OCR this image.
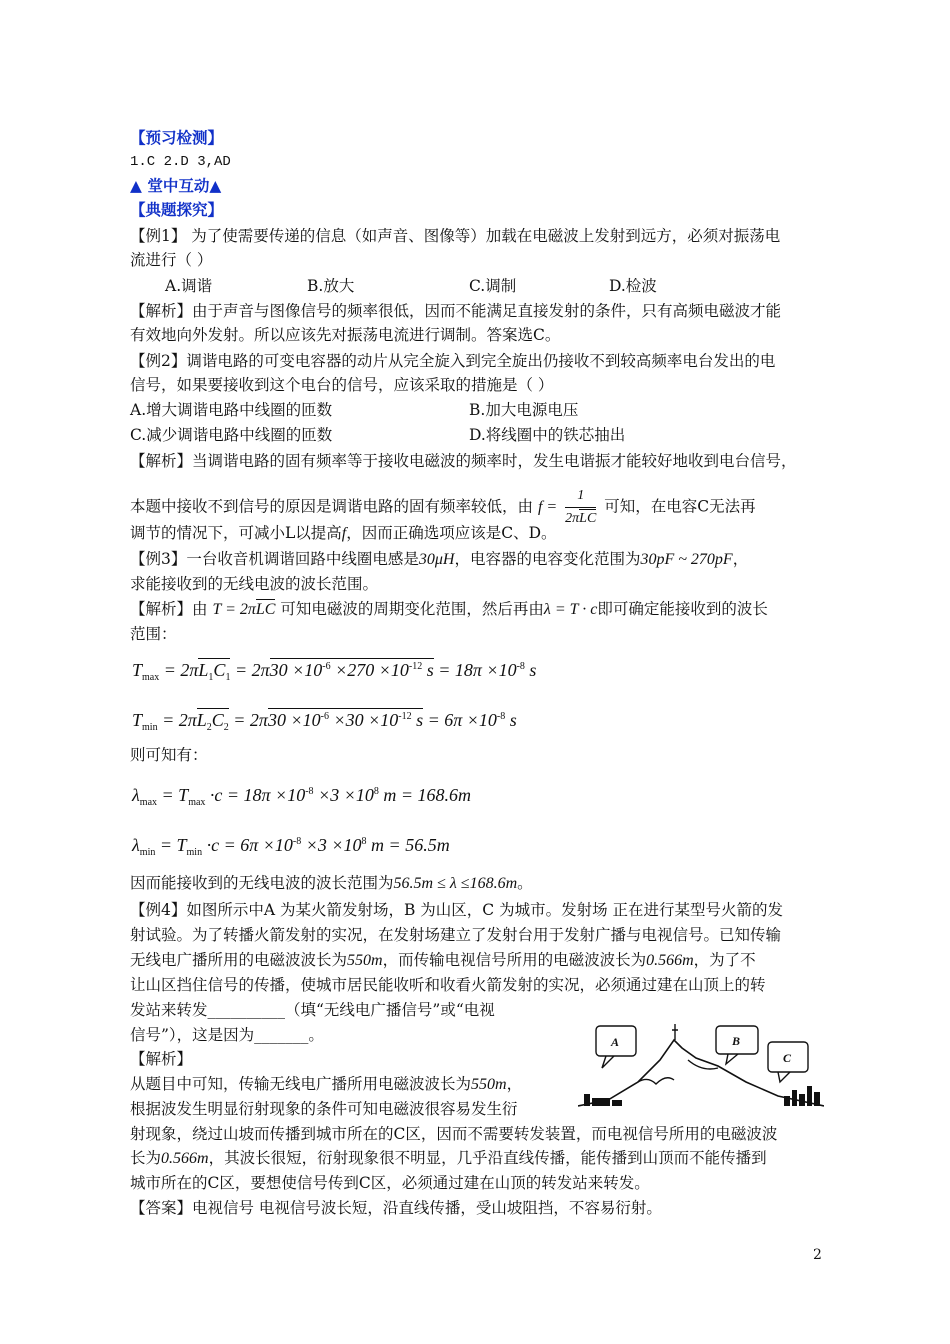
【预习检测】
1.C 2.D 3,AD
▲ 堂中互动▲
【典题探究】
【例1】 为了使需要传递的信息（如声音、图像等）加载在电磁波上发射到远方，必须对振荡电
流进行（ ）
A.调谐	B.放大	C.调制	D.检波
【解析】由于声音与图像信号的频率很低，因而不能满足直接发射的条件，只有高频电磁波才能
有效地向外发射。所以应该先对振荡电流进行调制。答案选C。
【例2】调谐电路的可变电容器的动片从完全旋入到完全旋出仍接收不到较高频率电台发出的电
信号，如果要接收到这个电台的信号，应该采取的措施是（ ）
A.增大调谐电路中线圈的匝数	B.加大电源电压
C.减少调谐电路中线圈的匝数	D.将线圈中的铁芯抽出
【解析】当调谐电路的固有频率等于接收电磁波的频率时，发生电谐振才能较好地收到电台信号，
本题中接收不到信号的原因是调谐电路的固有频率较低，由 $f = \frac{1}{\text{2πLC}}$ 可知，在电容C无法再
调节的情况下，可减小L以提高f，因而正确选项应该是C、D。
【例3】一台收音机调谐回路中线圈电感是30μH，电容器的电容变化范围为30pF ~ 270pF，
求能接收到的无线电波的波长范围。
【解析】由 T = 2πLC 可知电磁波的周期变化范围，然后再由λ = T · c即可确定能接收到的波长
范围：
$T_{max} = 2\pi L_1C_1 = 2\pi 30 \times 10^{-6} \times 270 \times 10^{-12}$ $s = 18\pi \times 10^{-8}$ s
$T_{min} = 2\pi L_2C_2 = 2\pi 30 \times 10^{-6} \times 30 \times 10^{-12}$ $s = 6\pi \times 10^{-8}$ s
则可知有：
$\lambda_{max} = T_{max} \cdot c = 18\pi \times 10^{-8} \times 3 \times 10^8$ m = 168.6m
$\lambda_{min} = T_{min} \cdot c = 6\pi \times 10^{-8} \times 3 \times 10^8$ m = 56.5m
因而能接收到的无线电波的波长范围为56.5m ≤ λ ≤168.6m。
【例4】如图所示中A 为某火箭发射场，B 为山区，C 为城市。发射场 正在进行某型号火箭的发
射试验。为了转播火箭发射的实况，在发射场建立了发射台用于发射广播与电视信号。已知传输
无线电广播所用的电磁波波长为550m，而传输电视信号所用的电磁波波长为0.566m，为了不
让山区挡住信号的传播，使城市居民能收听和收看火箭发射的实况，必须通过建在山顶上的转
发站来转发__________（填“无线电广播信号”或“电视
信号”），这是因为_______。
【解析】
从题目中可知，传输无线电广播所用电磁波波长为550m，
根据波发生明显衍射现象的条件可知电磁波很容易发生衍
射现象，绕过山坡而传播到城市所在的C区，因而不需要转发装置，而电视信号所用的电磁波波
长为0.566m，其波长很短，衍射现象很不明显，几乎沿直线传播，能传播到山顶而不能传播到
城市所在的C区，要想使信号传到C区，必须通过建在山顶的转发站来转发。
【答案】电视信号 电视信号波长短，沿直线传播，受山坡阻挡，不容易衍射。
A	B
C
2
